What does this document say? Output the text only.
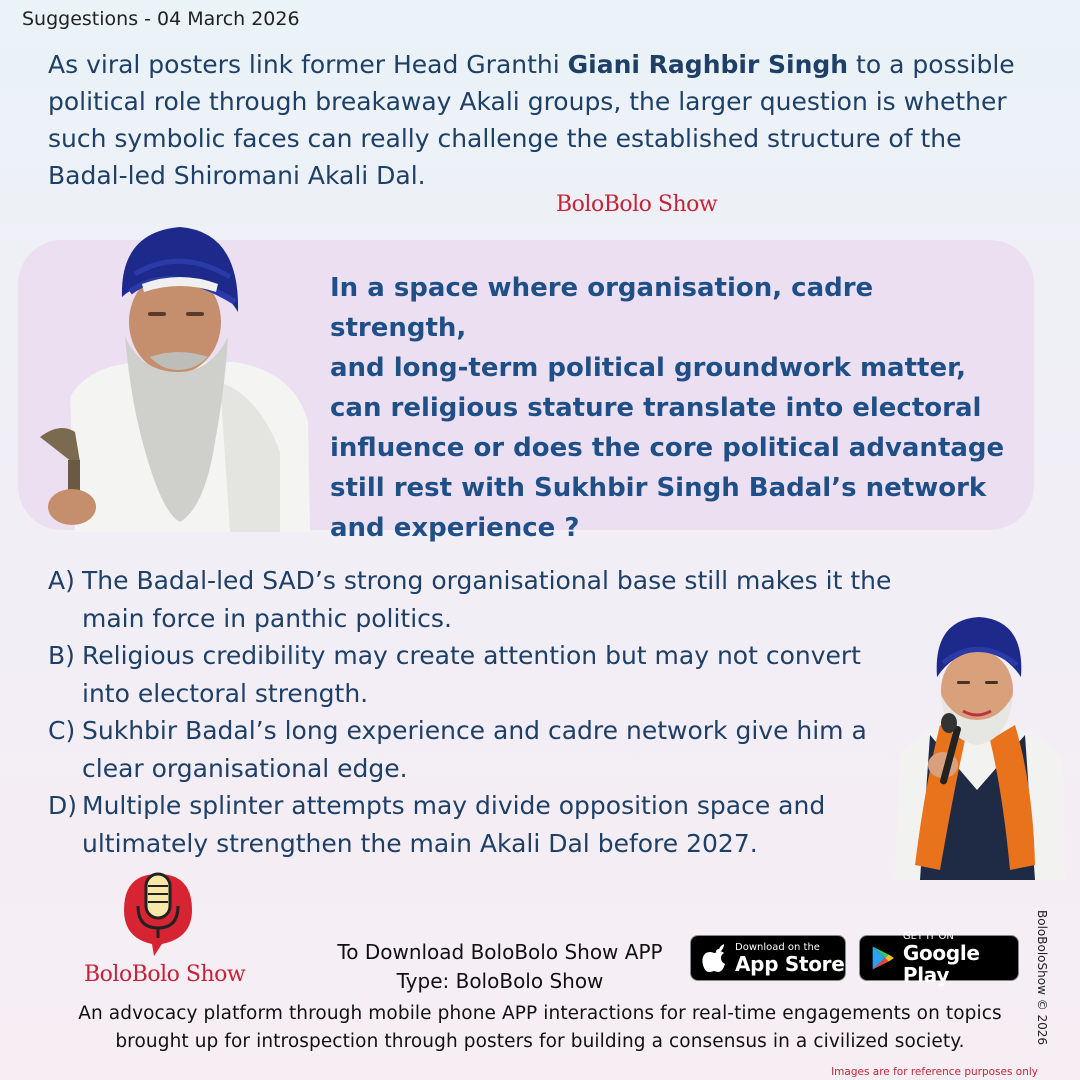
Suggestions - 04 March 2026
As viral posters link former Head Granthi Giani Raghbir Singh to a possible political role through breakaway Akali groups, the larger question is whether such symbolic faces can really challenge the established structure of the Badal-led Shiromani Akali Dal.
BoloBolo Show
In a space where organisation, cadre strength,
and long-term political groundwork matter,
can religious stature translate into electoral
influence or does the core political advantage
still rest with Sukhbir Singh Badal’s network
and experience ?
A) The Badal-led SAD’s strong organisational base still makes it the main force in panthic politics.
B) Religious credibility may create attention but may not convert into electoral strength.
C) Sukhbir Badal’s long experience and cadre network give him a clear organisational edge.
D) Multiple splinter attempts may divide opposition space and ultimately strengthen the main Akali Dal before 2027.
BoloBolo Show
To Download BoloBolo Show APP
Type: BoloBolo Show
Download on the
App Store
GET IT ON
Google Play
An advocacy platform through mobile phone APP interactions for real-time engagements on topics
brought up for introspection through posters for building a consensus in a civilized society.	BoloBoloShow © 2026
Images are for reference purposes only
